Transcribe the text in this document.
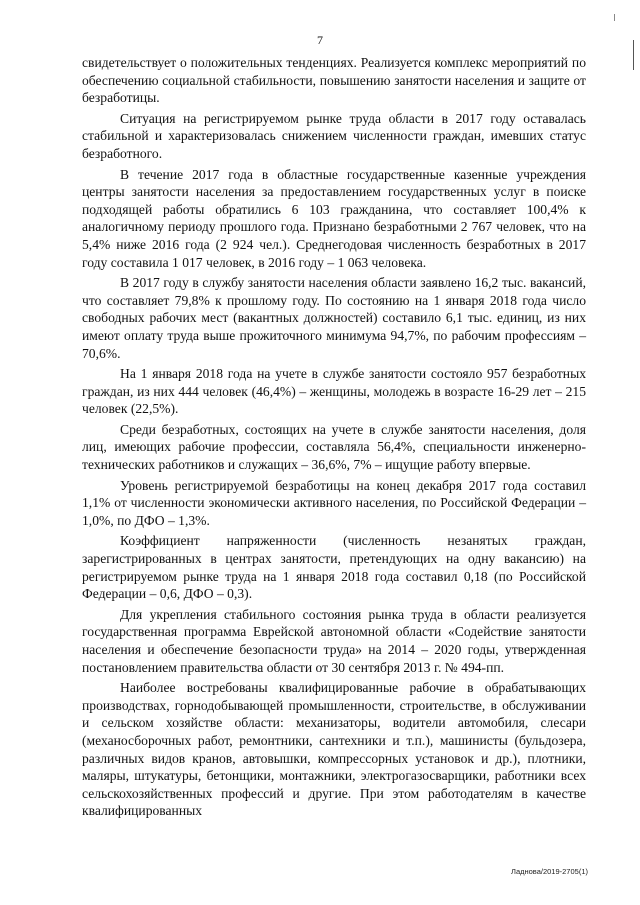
7

свидетельствует о положительных тенденциях. Реализуется комплекс мероприятий по обеспечению социальной стабильности, повышению занятости населения и защите от безработицы.

Ситуация на регистрируемом рынке труда области в 2017 году оставалась стабильной и характеризовалась снижением численности граждан, имевших статус безработного.

В течение 2017 года в областные государственные казенные учреждения центры занятости населения за предоставлением государственных услуг в поиске подходящей работы обратились 6 103 гражданина, что составляет 100,4% к аналогичному периоду прошлого года. Признано безработными 2 767 человек, что на 5,4% ниже 2016 года (2 924 чел.). Среднегодовая численность безработных в 2017 году составила 1 017 человек, в 2016 году – 1 063 человека.

В 2017 году в службу занятости населения области заявлено 16,2 тыс. вакансий, что составляет 79,8% к прошлому году. По состоянию на 1 января 2018 года число свободных рабочих мест (вакантных должностей) составило 6,1 тыс. единиц, из них имеют оплату труда выше прожиточного минимума 94,7%, по рабочим профессиям – 70,6%.

На 1 января 2018 года на учете в службе занятости состояло 957 безработных граждан, из них 444 человек (46,4%) – женщины, молодежь в возрасте 16-29 лет – 215 человек (22,5%).

Среди безработных, состоящих на учете в службе занятости населения, доля лиц, имеющих рабочие профессии, составляла 56,4%, специальности инженерно-технических работников и служащих – 36,6%, 7% – ищущие работу впервые.

Уровень регистрируемой безработицы на конец декабря 2017 года составил 1,1% от численности экономически активного населения, по Российской Федерации – 1,0%, по ДФО – 1,3%.

Коэффициент напряженности (численность незанятых граждан, зарегистрированных в центрах занятости, претендующих на одну вакансию) на регистрируемом рынке труда на 1 января 2018 года составил 0,18 (по Российской Федерации – 0,6, ДФО – 0,3).

Для укрепления стабильного состояния рынка труда в области реализуется государственная программа Еврейской автономной области «Содействие занятости населения и обеспечение безопасности труда» на 2014 – 2020 годы, утвержденная постановлением правительства области от 30 сентября 2013 г. № 494-пп.

Наиболее востребованы квалифицированные рабочие в обрабатывающих производствах, горнодобывающей промышленности, строительстве, в обслуживании и сельском хозяйстве области: механизаторы, водители автомобиля, слесари (механосборочных работ, ремонтники, сантехники и т.п.), машинисты (бульдозера, различных видов кранов, автовышки, компрессорных установок и др.), плотники, маляры, штукатуры, бетонщики, монтажники, электрогазосварщики, работники всех сельскохозяйственных профессий и другие. При этом работодателям в качестве квалифицированных

Ладнова/2019-2705(1)
